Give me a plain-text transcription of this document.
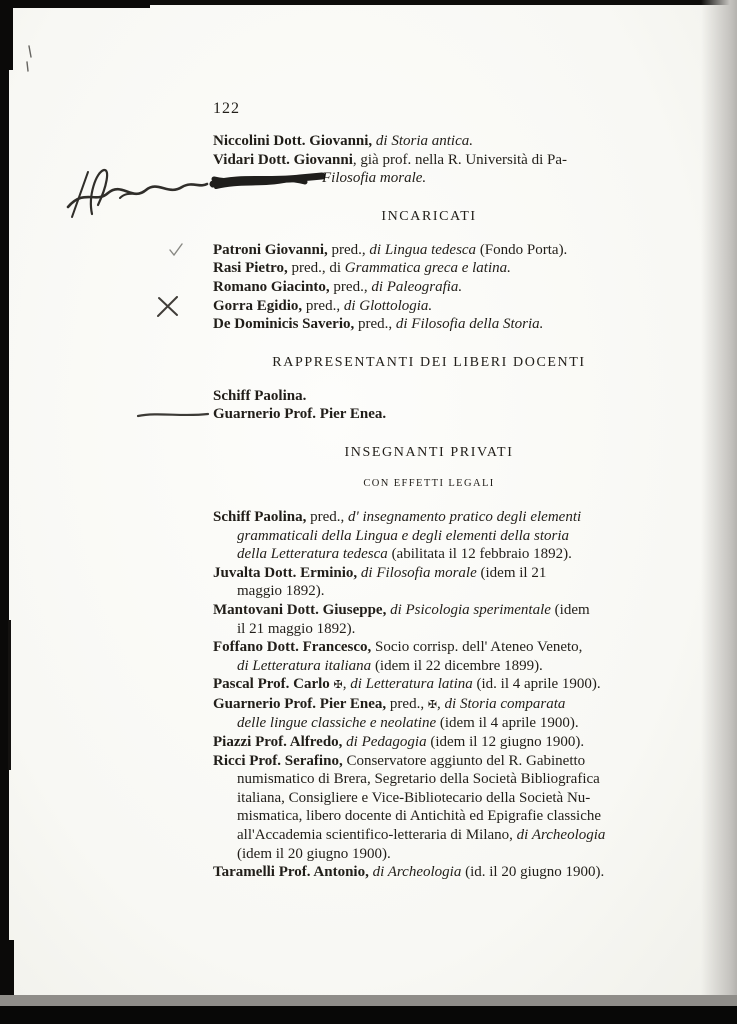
122
Niccolini Dott. Giovanni, di Storia antica.
Vidari Dott. Giovanni, già prof. nella R. Università di Pa-
Filosofia morale.
INCARICATI
Patroni Giovanni, pred., di Lingua tedesca (Fondo Porta).
Rasi Pietro, pred., di Grammatica greca e latina.
Romano Giacinto, pred., di Paleografia.
Gorra Egidio, pred., di Glottologia.
De Dominicis Saverio, pred., di Filosofia della Storia.
RAPPRESENTANTI DEI LIBERI DOCENTI
Schiff Paolina.
Guarnerio Prof. Pier Enea.
INSEGNANTI PRIVATI
CON EFFETTI LEGALI
Schiff Paolina, pred., d' insegnamento pratico degli elementi
grammaticali della Lingua e degli elementi della storia
della Letteratura tedesca (abilitata il 12 febbraio 1892).
Juvalta Dott. Erminio, di Filosofia morale (idem il 21
maggio 1892).
Mantovani Dott. Giuseppe, di Psicologia sperimentale (idem
il 21 maggio 1892).
Foffano Dott. Francesco, Socio corrisp. dell' Ateneo Veneto,
di Letteratura italiana (idem il 22 dicembre 1899).
Pascal Prof. Carlo ✠, di Letteratura latina (id. il 4 aprile 1900).
Guarnerio Prof. Pier Enea, pred., ✠, di Storia comparata
delle lingue classiche e neolatine (idem il 4 aprile 1900).
Piazzi Prof. Alfredo, di Pedagogia (idem il 12 giugno 1900).
Ricci Prof. Serafino, Conservatore aggiunto del R. Gabinetto
numismatico di Brera, Segretario della Società Bibliografica
italiana, Consigliere e Vice-Bibliotecario della Società Nu-
mismatica, libero docente di Antichità ed Epigrafie classiche
all'Accademia scientifico-letteraria di Milano, di Archeologia
(idem il 20 giugno 1900).
Taramelli Prof. Antonio, di Archeologia (id. il 20 giugno 1900).
